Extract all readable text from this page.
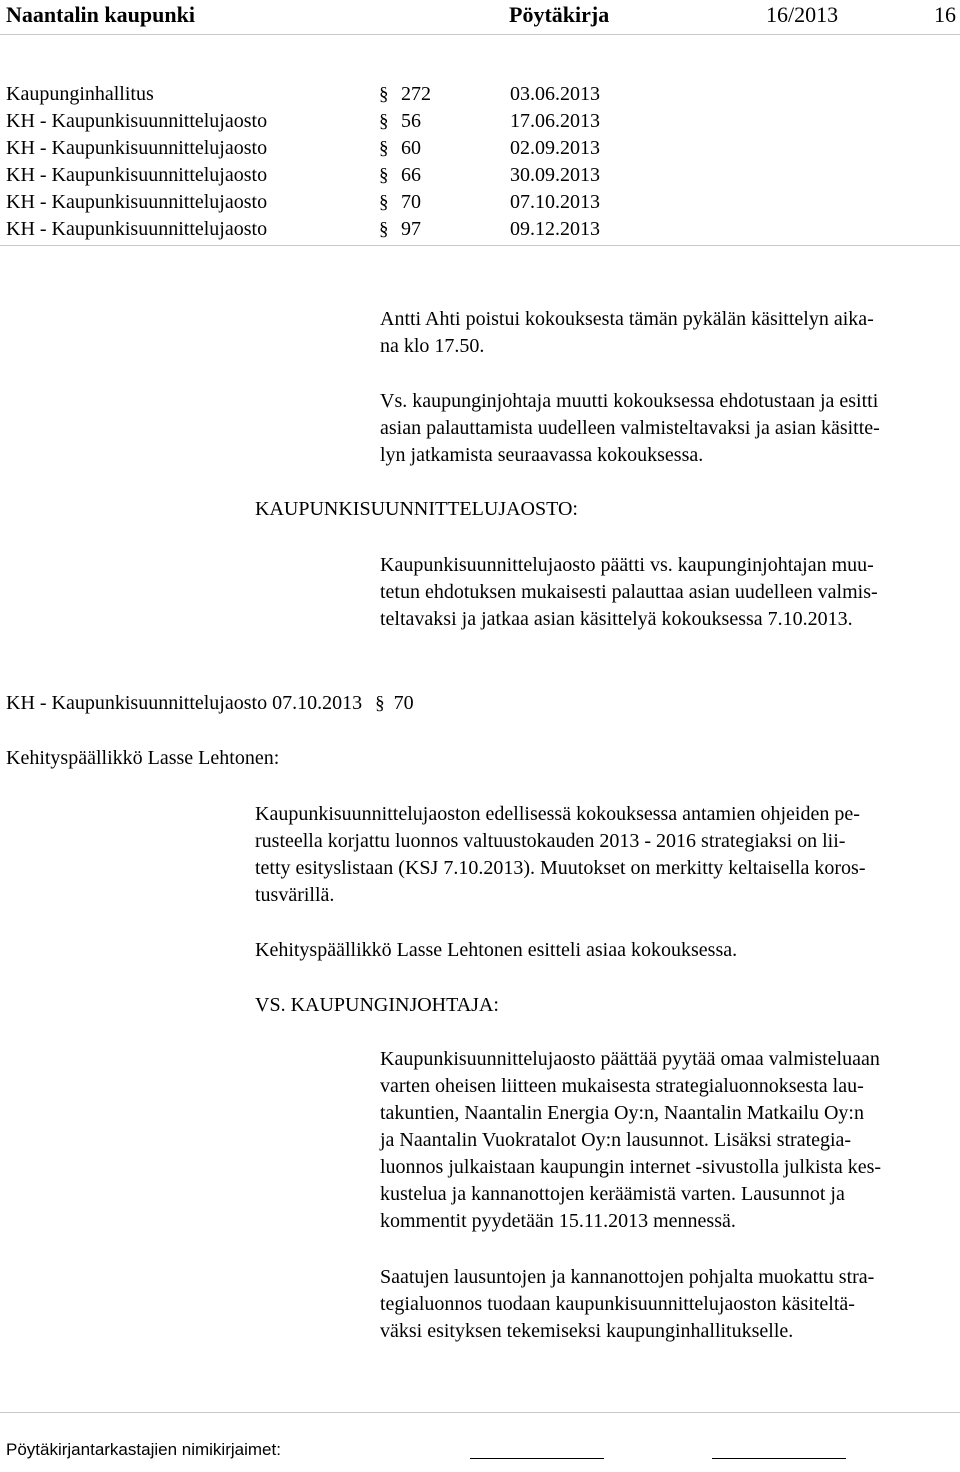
Naantalin kaupunki	Pöytäkirja	16/2013	16
Kaupunginhallitus	§ 272	03.06.2013
KH - Kaupunkisuunnittelujaosto	§ 56	17.06.2013
KH - Kaupunkisuunnittelujaosto	§ 60	02.09.2013
KH - Kaupunkisuunnittelujaosto	§ 66	30.09.2013
KH - Kaupunkisuunnittelujaosto	§ 70	07.10.2013
KH - Kaupunkisuunnittelujaosto	§ 97	09.12.2013
Antti Ahti poistui kokouksesta tämän pykälän käsittelyn aika-
na klo 17.50.
Vs. kaupunginjohtaja muutti kokouksessa ehdotustaan ja esitti
asian palauttamista uudelleen valmisteltavaksi ja asian käsitte-
lyn jatkamista seuraavassa kokouksessa.
KAUPUNKISUUNNITTELUJAOSTO:
Kaupunkisuunnittelujaosto päätti vs. kaupunginjohtajan muu-
tetun ehdotuksen mukaisesti palauttaa asian uudelleen valmis-
teltavaksi ja jatkaa asian käsittelyä kokouksessa 7.10.2013.
KH - Kaupunkisuunnittelujaosto 07.10.2013 § 70
Kehityspäällikkö Lasse Lehtonen:
Kaupunkisuunnittelujaoston edellisessä kokouksessa antamien ohjeiden pe-
rusteella korjattu luonnos valtuustokauden 2013 - 2016 strategiaksi on lii-
tetty esityslistaan (KSJ 7.10.2013). Muutokset on merkitty keltaisella koros-
tusvärillä.
Kehityspäällikkö Lasse Lehtonen esitteli asiaa kokouksessa.
VS. KAUPUNGINJOHTAJA:
Kaupunkisuunnittelujaosto päättää pyytää omaa valmisteluaan
varten oheisen liitteen mukaisesta strategialuonnoksesta lau-
takuntien, Naantalin Energia Oy:n, Naantalin Matkailu Oy:n
ja Naantalin Vuokratalot Oy:n lausunnot. Lisäksi strategia-
luonnos julkaistaan kaupungin internet -sivustolla julkista kes-
kustelua ja kannanottojen keräämistä varten. Lausunnot ja
kommentit pyydetään 15.11.2013 mennessä.
Saatujen lausuntojen ja kannanottojen pohjalta muokattu stra-
tegialuonnos tuodaan kaupunkisuunnittelujaoston käsiteltä-
väksi esityksen tekemiseksi kaupunginhallitukselle.
Pöytäkirjantarkastajien nimikirjaimet:
